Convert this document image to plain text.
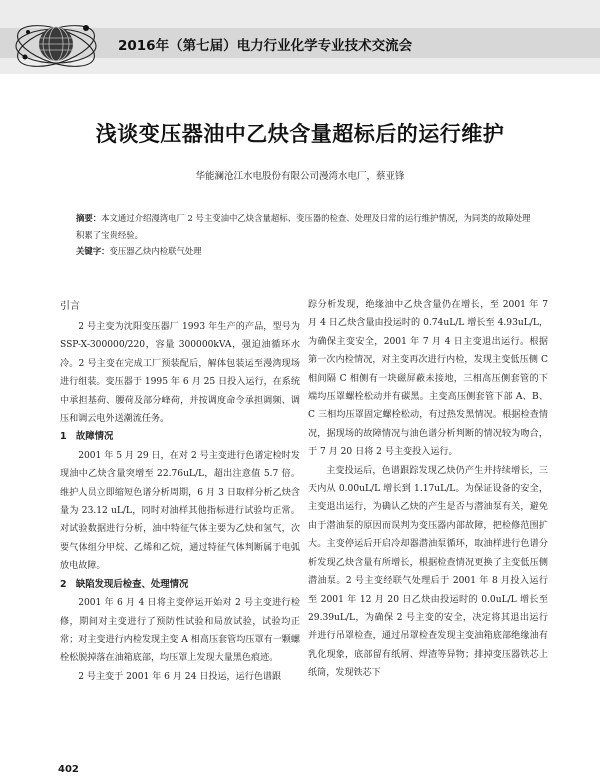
2016年（第七届）电力行业化学专业技术交流会
浅谈变压器油中乙炔含量超标后的运行维护
华能澜沧江水电股份有限公司漫湾水电厂，蔡亚锋
摘要：本文通过介绍漫湾电厂 2 号主变油中乙炔含量超标、变压器的检查、处理及日常的运行维护情况，为同类的故障处理积累了宝贵经验。
关键字：变压器乙炔内检联气处理

引言

2 号主变为沈阳变压器厂 1993 年生产的产品，型号为 SSP-X-300000/220，容量 300000kVA，强迫油循环水冷。2 号主变在完成工厂预装配后，解体包装运至漫湾现场进行组装。变压器于 1995 年 6 月 25 日投入运行，在系统中承担基荷、腰荷及部分峰荷，并按调度命令承担调频、调压和调云电外送潮流任务。

1　故障情况

2001 年 5 月 29 日，在对 2 号主变进行色谱定检时发现油中乙炔含量突增至 22.76uL/L，超出注意值 5.7 倍。维护人员立即缩短色谱分析周期，6 月 3 日取样分析乙炔含量为 23.12 uL/L，同时对油样其他指标进行试验均正常。对试验数据进行分析，油中特征气体主要为乙炔和氢气，次要气体组分甲烷、乙烯和乙烷，通过特征气体判断属于电弧放电故障。

2　缺陷发现后检查、处理情况

2001 年 6 月 4 日将主变停运开始对 2 号主变进行检修，期间对主变进行了预防性试验和局放试验，试验均正常；对主变进行内检发现主变 A 相高压套管均压罩有一颗螺栓松脱掉落在油箱底部，均压罩上发现大量黑色痕迹。

2 号主变于 2001 年 6 月 24 日投运，运行色谱跟

踪分析发现，绝缘油中乙炔含量仍在增长，至 2001 年 7 月 4 日乙炔含量由投运时的 0.74uL/L 增长至 4.93uL/L，为确保主变安全，2001 年 7 月 4 日主变退出运行。根据第一次内检情况，对主变再次进行内检，发现主变低压侧 C 相间隔 C 相侧有一块磁屏蔽未接地，三相高压侧套管的下端均压罩螺栓松动并有碳黑。主变高压侧套管下部 A、B、C 三相均压罩固定螺栓松动，有过热发黑情况。根据检查情况，据现场的故障情况与油色谱分析判断的情况较为吻合，于 7 月 20 日将 2 号主变投入运行。

主变投运后，色谱跟踪发现乙炔仍产生并持续增长，三天内从 0.00uL/L 增长到 1.17uL/L。为保证设备的安全，主变退出运行，为确认乙炔的产生是否与潜油泵有关，避免由于潜油泵的原因而误判为变压器内部故障，把检修范围扩大。主变停运后开启冷却器潜油泵循环，取油样进行色谱分析发现乙炔含量有所增长，根据检查情况更换了主变低压侧潜油泵。2 号主变经联气处理后于 2001 年 8 月投入运行至 2001 年 12 月 20 日乙炔由投运时的 0.0uL/L 增长至 29.39uL/L，为确保 2 号主变的安全，决定将其退出运行并进行吊罩检查，通过吊罩检查发现主变油箱底部绝缘油有乳化现象，底部留有纸屑、焊渣等异物；排掉变压器铁芯上纸筒，发现铁芯下

402
